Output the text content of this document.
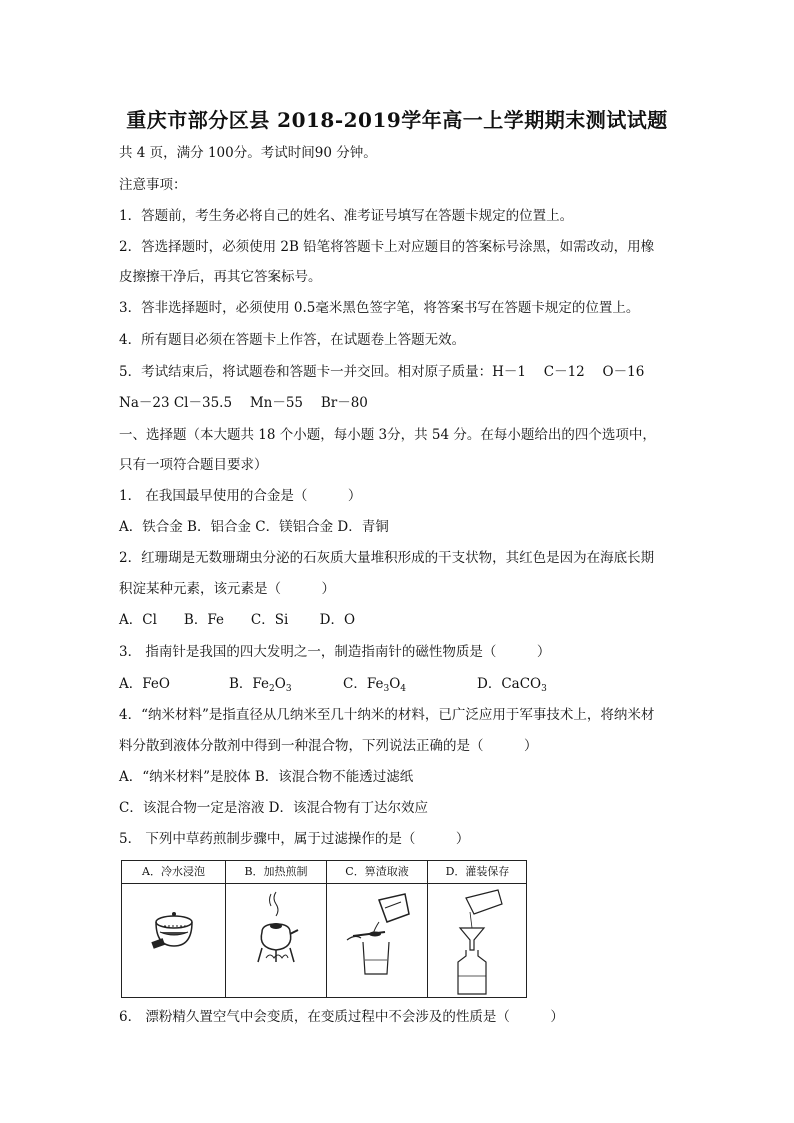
重庆市部分区县 2018-2019学年高一上学期期末测试试题
共 4 页，满分 100分。考试时间90 分钟。
注意事项：
1．答题前，考生务必将自己的姓名、准考证号填写在答题卡规定的位置上。
2．答选择题时，必须使用 2B 铅笔将答题卡上对应题目的答案标号涂黑，如需改动，用橡
皮擦擦干净后，再其它答案标号。
3．答非选择题时，必须使用 0.5毫米黑色签字笔，将答案书写在答题卡规定的位置上。
4．所有题目必须在答题卡上作答，在试题卷上答题无效。
5．考试结束后，将试题卷和答题卡一并交回。相对原子质量：H－1　 C－12　 O－16
Na－23 Cl－35.5　 Mn－55　 Br－80
一、选择题（本大题共 18 个小题，每小题 3分，共 54 分。在每小题给出的四个选项中，
只有一项符合题目要求）
1． 在我国最早使用的合金是（　　　）
A．铁合金 B．铝合金 C．镁铝合金 D．青铜
2．红珊瑚是无数珊瑚虫分泌的石灰质大量堆积形成的干支状物，其红色是因为在海底长期
积淀某种元素，该元素是（　　　）
A．Cl　　B．Fe　　C．Si　　 D．O
3． 指南针是我国的四大发明之一，制造指南针的磁性物质是（　　　）
A．FeO	B．$Fe_2O_3$	C．$Fe_3O_4$	D．CaCO$_3$
4．“纳米材料”是指直径从几纳米至几十纳米的材料，已广泛应用于军事技术上，将纳米材
料分散到液体分散剂中得到一种混合物，下列说法正确的是（　　　）
A．“纳米材料”是胶体 B．该混合物不能透过滤纸
C．该混合物一定是溶液 D．该混合物有丁达尔效应
5． 下列中草药煎制步骤中，属于过滤操作的是（　　　）
A．冷水浸泡	B．加热煎制	C．箅渣取液	D．灌装保存
6． 漂粉精久置空气中会变质，在变质过程中不会涉及的性质是（　　　）
